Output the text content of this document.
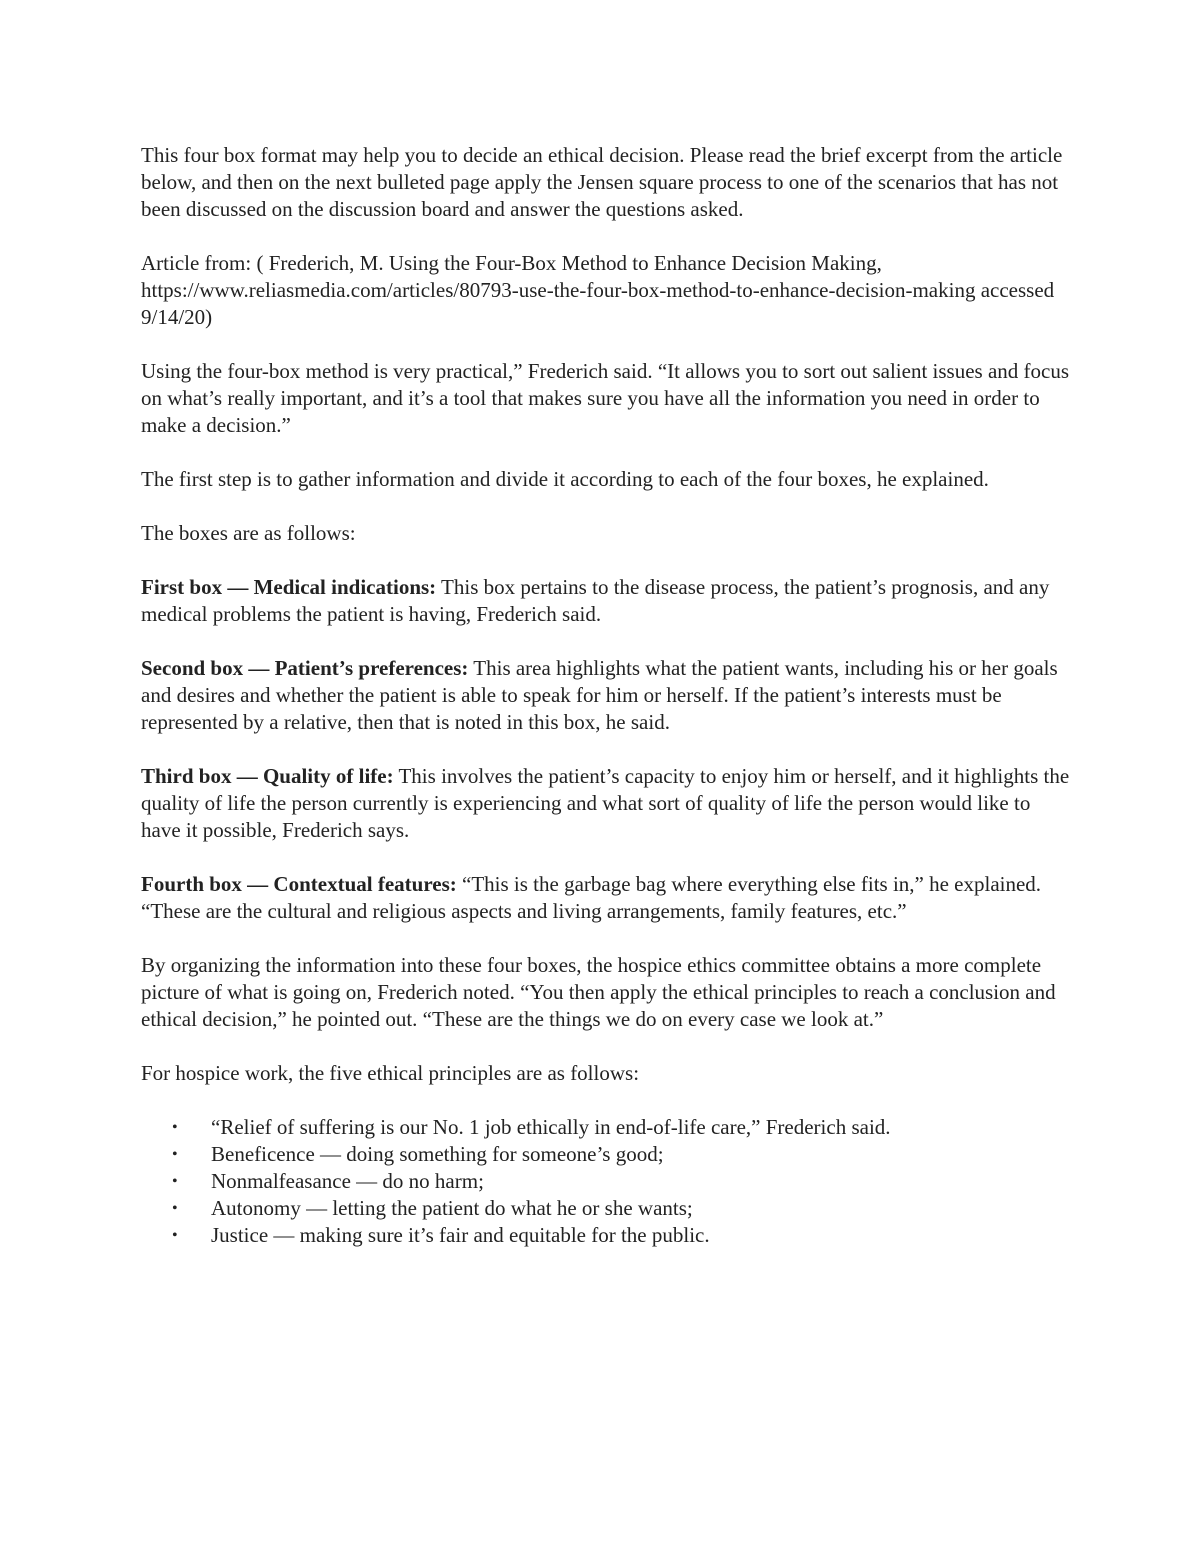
This four box format may help you to decide an ethical decision. Please read the brief excerpt from the article below, and then on the next bulleted page apply the Jensen square process to one of the scenarios that has not been discussed on the discussion board and answer the questions asked.

Article from: ( Frederich, M. Using the Four-Box Method to Enhance Decision Making, https://www.reliasmedia.com/articles/80793-use-the-four-box-method-to-enhance-decision-making accessed 9/14/20)

Using the four-box method is very practical,” Frederich said. “It allows you to sort out salient issues and focus on what’s really important, and it’s a tool that makes sure you have all the information you need in order to make a decision.”

The first step is to gather information and divide it according to each of the four boxes, he explained.

The boxes are as follows:

First box — Medical indications: This box pertains to the disease process, the patient’s prognosis, and any medical problems the patient is having, Frederich said.

Second box — Patient’s preferences: This area highlights what the patient wants, including his or her goals and desires and whether the patient is able to speak for him or herself. If the patient’s interests must be represented by a relative, then that is noted in this box, he said.

Third box — Quality of life: This involves the patient’s capacity to enjoy him or herself, and it highlights the quality of life the person currently is experiencing and what sort of quality of life the person would like to have it possible, Frederich says.

Fourth box — Contextual features: “This is the garbage bag where everything else fits in,” he explained. “These are the cultural and religious aspects and living arrangements, family features, etc.”

By organizing the information into these four boxes, the hospice ethics committee obtains a more complete picture of what is going on, Frederich noted. “You then apply the ethical principles to reach a conclusion and ethical decision,” he pointed out. “These are the things we do on every case we look at.”

For hospice work, the five ethical principles are as follows:

• “Relief of suffering is our No. 1 job ethically in end-of-life care,” Frederich said.
• Beneficence — doing something for someone’s good;
• Nonmalfeasance — do no harm;
• Autonomy — letting the patient do what he or she wants;
• Justice — making sure it’s fair and equitable for the public.
